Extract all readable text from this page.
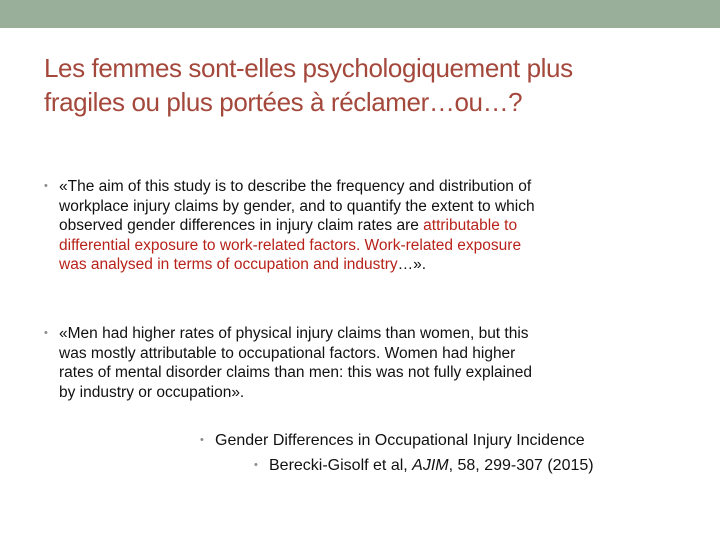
Les femmes sont-elles psychologiquement plus
fragiles ou plus portées à réclamer…ou…?
• «The aim of this study is to describe the frequency and distribution of
workplace injury claims by gender, and to quantify the extent to which
observed gender differences in injury claim rates are attributable to
differential exposure to work-related factors. Work-related exposure
was analysed in terms of occupation and industry…».
• «Men had higher rates of physical injury claims than women, but this
was mostly attributable to occupational factors. Women had higher
rates of mental disorder claims than men: this was not fully explained
by industry or occupation».
• Gender Differences in Occupational Injury Incidence
• Berecki-Gisolf et al, AJIM, 58, 299-307 (2015)
